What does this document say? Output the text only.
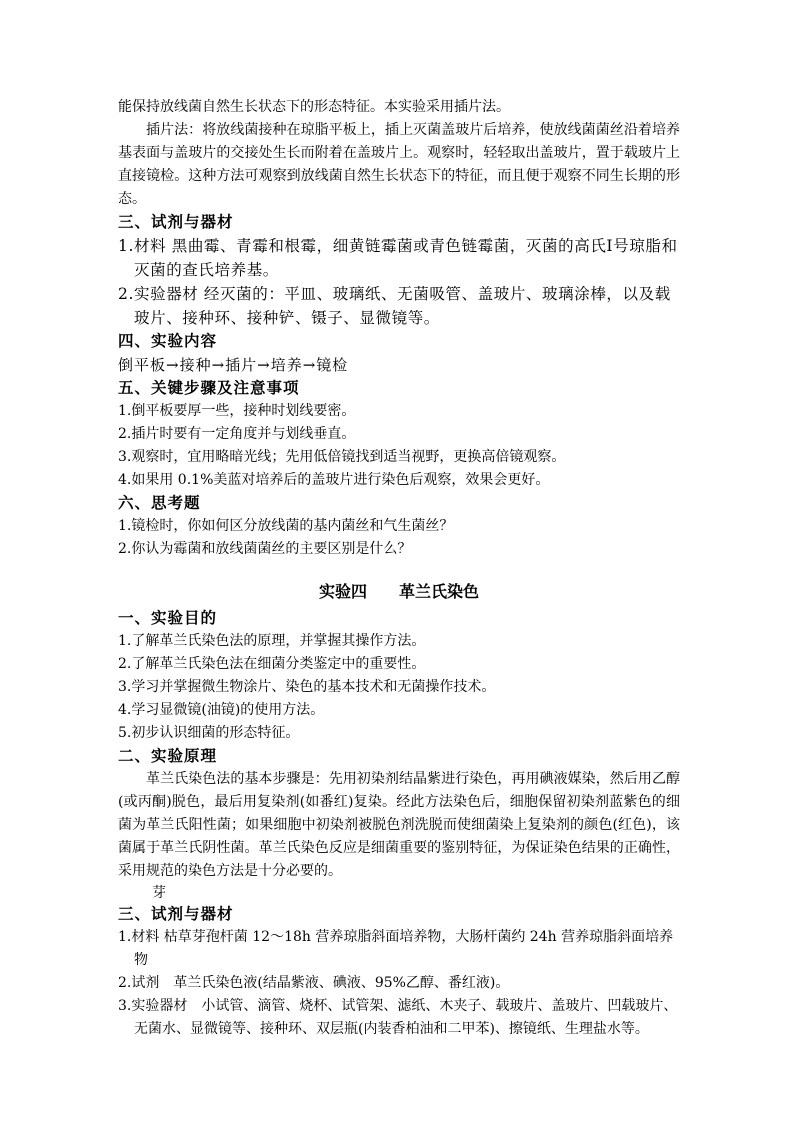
能保持放线菌自然生长状态下的形态特征。本实验采用插片法。

插片法：将放线菌接种在琼脂平板上，插上灭菌盖玻片后培养，使放线菌菌丝沿着培养基表面与盖玻片的交接处生长而附着在盖玻片上。观察时，轻轻取出盖玻片，置于载玻片上直接镜检。这种方法可观察到放线菌自然生长状态下的特征，而且便于观察不同生长期的形态。

三、试剂与器材

1.材料 黑曲霉、青霉和根霉，细黄链霉菌或青色链霉菌，灭菌的高氏Ⅰ号琼脂和灭菌的查氏培养基。

2.实验器材 经灭菌的：平皿、玻璃纸、无菌吸管、盖玻片、玻璃涂棒，以及载玻片、接种环、接种铲、镊子、显微镜等。

四、实验内容

倒平板→接种→插片→培养→镜检

五、关键步骤及注意事项

1.倒平板要厚一些，接种时划线要密。

2.插片时要有一定角度并与划线垂直。

3.观察时，宜用略暗光线；先用低倍镜找到适当视野，更换高倍镜观察。

4.如果用 0.1%美蓝对培养后的盖玻片进行染色后观察，效果会更好。

六、思考题

1.镜检时，你如何区分放线菌的基内菌丝和气生菌丝？

2.你认为霉菌和放线菌菌丝的主要区别是什么？

实验四　　革兰氏染色

一、实验目的

1.了解革兰氏染色法的原理，并掌握其操作方法。

2.了解革兰氏染色法在细菌分类鉴定中的重要性。

3.学习并掌握微生物涂片、染色的基本技术和无菌操作技术。

4.学习显微镜(油镜)的使用方法。

5.初步认识细菌的形态特征。

二、实验原理

革兰氏染色法的基本步骤是：先用初染剂结晶紫进行染色，再用碘液媒染，然后用乙醇(或丙酮)脱色，最后用复染剂(如番红)复染。经此方法染色后，细胞保留初染剂蓝紫色的细菌为革兰氏阳性菌；如果细胞中初染剂被脱色剂洗脱而使细菌染上复染剂的颜色(红色)，该菌属于革兰氏阴性菌。革兰氏染色反应是细菌重要的鉴别特征，为保证染色结果的正确性，采用规范的染色方法是十分必要的。

芽

三、试剂与器材

1.材料 枯草芽孢杆菌 12～18h 营养琼脂斜面培养物，大肠杆菌约 24h 营养琼脂斜面培养物

2.试剂　革兰氏染色液(结晶紫液、碘液、95%乙醇、番红液)。

3.实验器材　小试管、滴管、烧杯、试管架、滤纸、木夹子、载玻片、盖玻片、凹载玻片、无菌水、显微镜等、接种环、双层瓶(内装香柏油和二甲苯)、擦镜纸、生理盐水等。
